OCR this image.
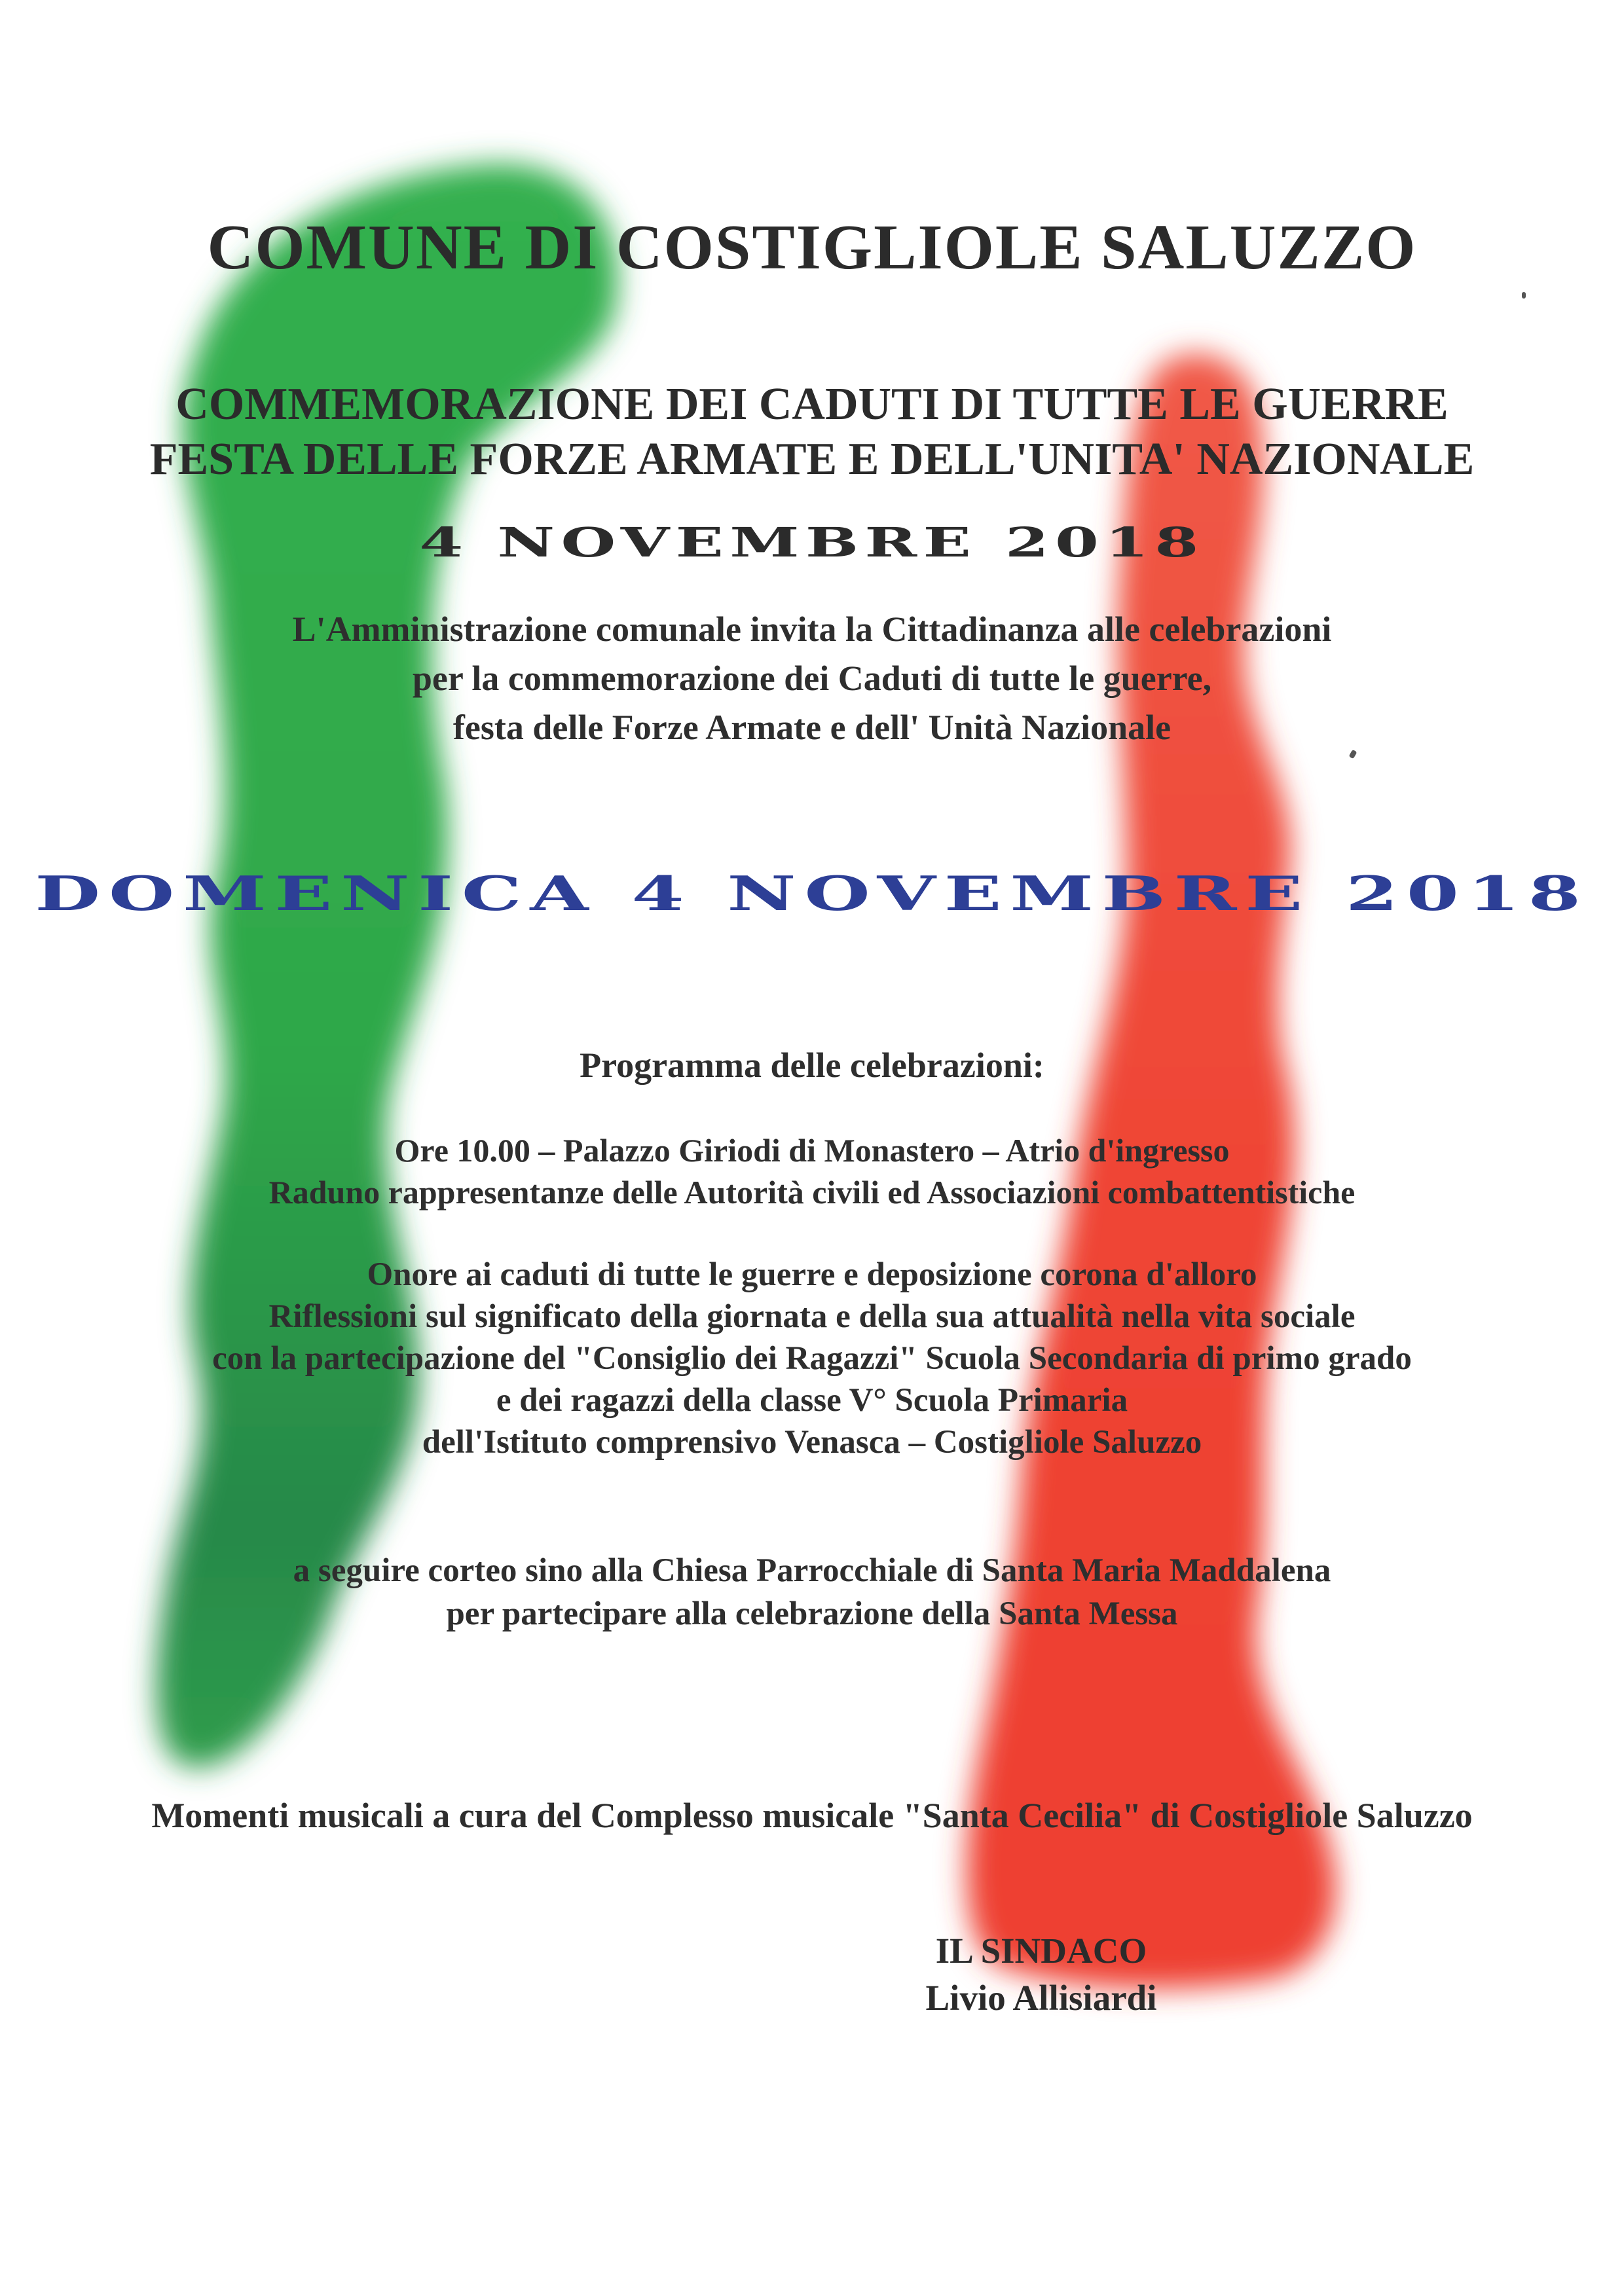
COMUNE DI COSTIGLIOLE SALUZZO

COMMEMORAZIONE DEI CADUTI DI TUTTE LE GUERRE

FESTA DELLE FORZE ARMATE E DELL'UNITA' NAZIONALE

4 NOVEMBRE 2018

L'Amministrazione comunale invita la Cittadinanza alle celebrazioni

per la commemorazione dei Caduti di tutte le guerre,

festa delle Forze Armate e dell' Unità Nazionale

DOMENICA 4 NOVEMBRE 2018

Programma delle celebrazioni:

Ore 10.00 – Palazzo Giriodi di Monastero – Atrio d'ingresso

Raduno rappresentanze delle Autorità civili ed Associazioni combattentistiche

Onore ai caduti di tutte le guerre e deposizione corona d'alloro

Riflessioni sul significato della giornata e della sua attualità nella vita sociale

con la partecipazione del "Consiglio dei Ragazzi" Scuola Secondaria di primo grado

e dei ragazzi della classe V° Scuola Primaria

dell'Istituto comprensivo Venasca – Costigliole Saluzzo

a seguire corteo sino alla Chiesa Parrocchiale di Santa Maria Maddalena

per partecipare alla celebrazione della Santa Messa

Momenti musicali a cura del Complesso musicale "Santa Cecilia" di Costigliole Saluzzo

IL SINDACO

Livio Allisiardi
